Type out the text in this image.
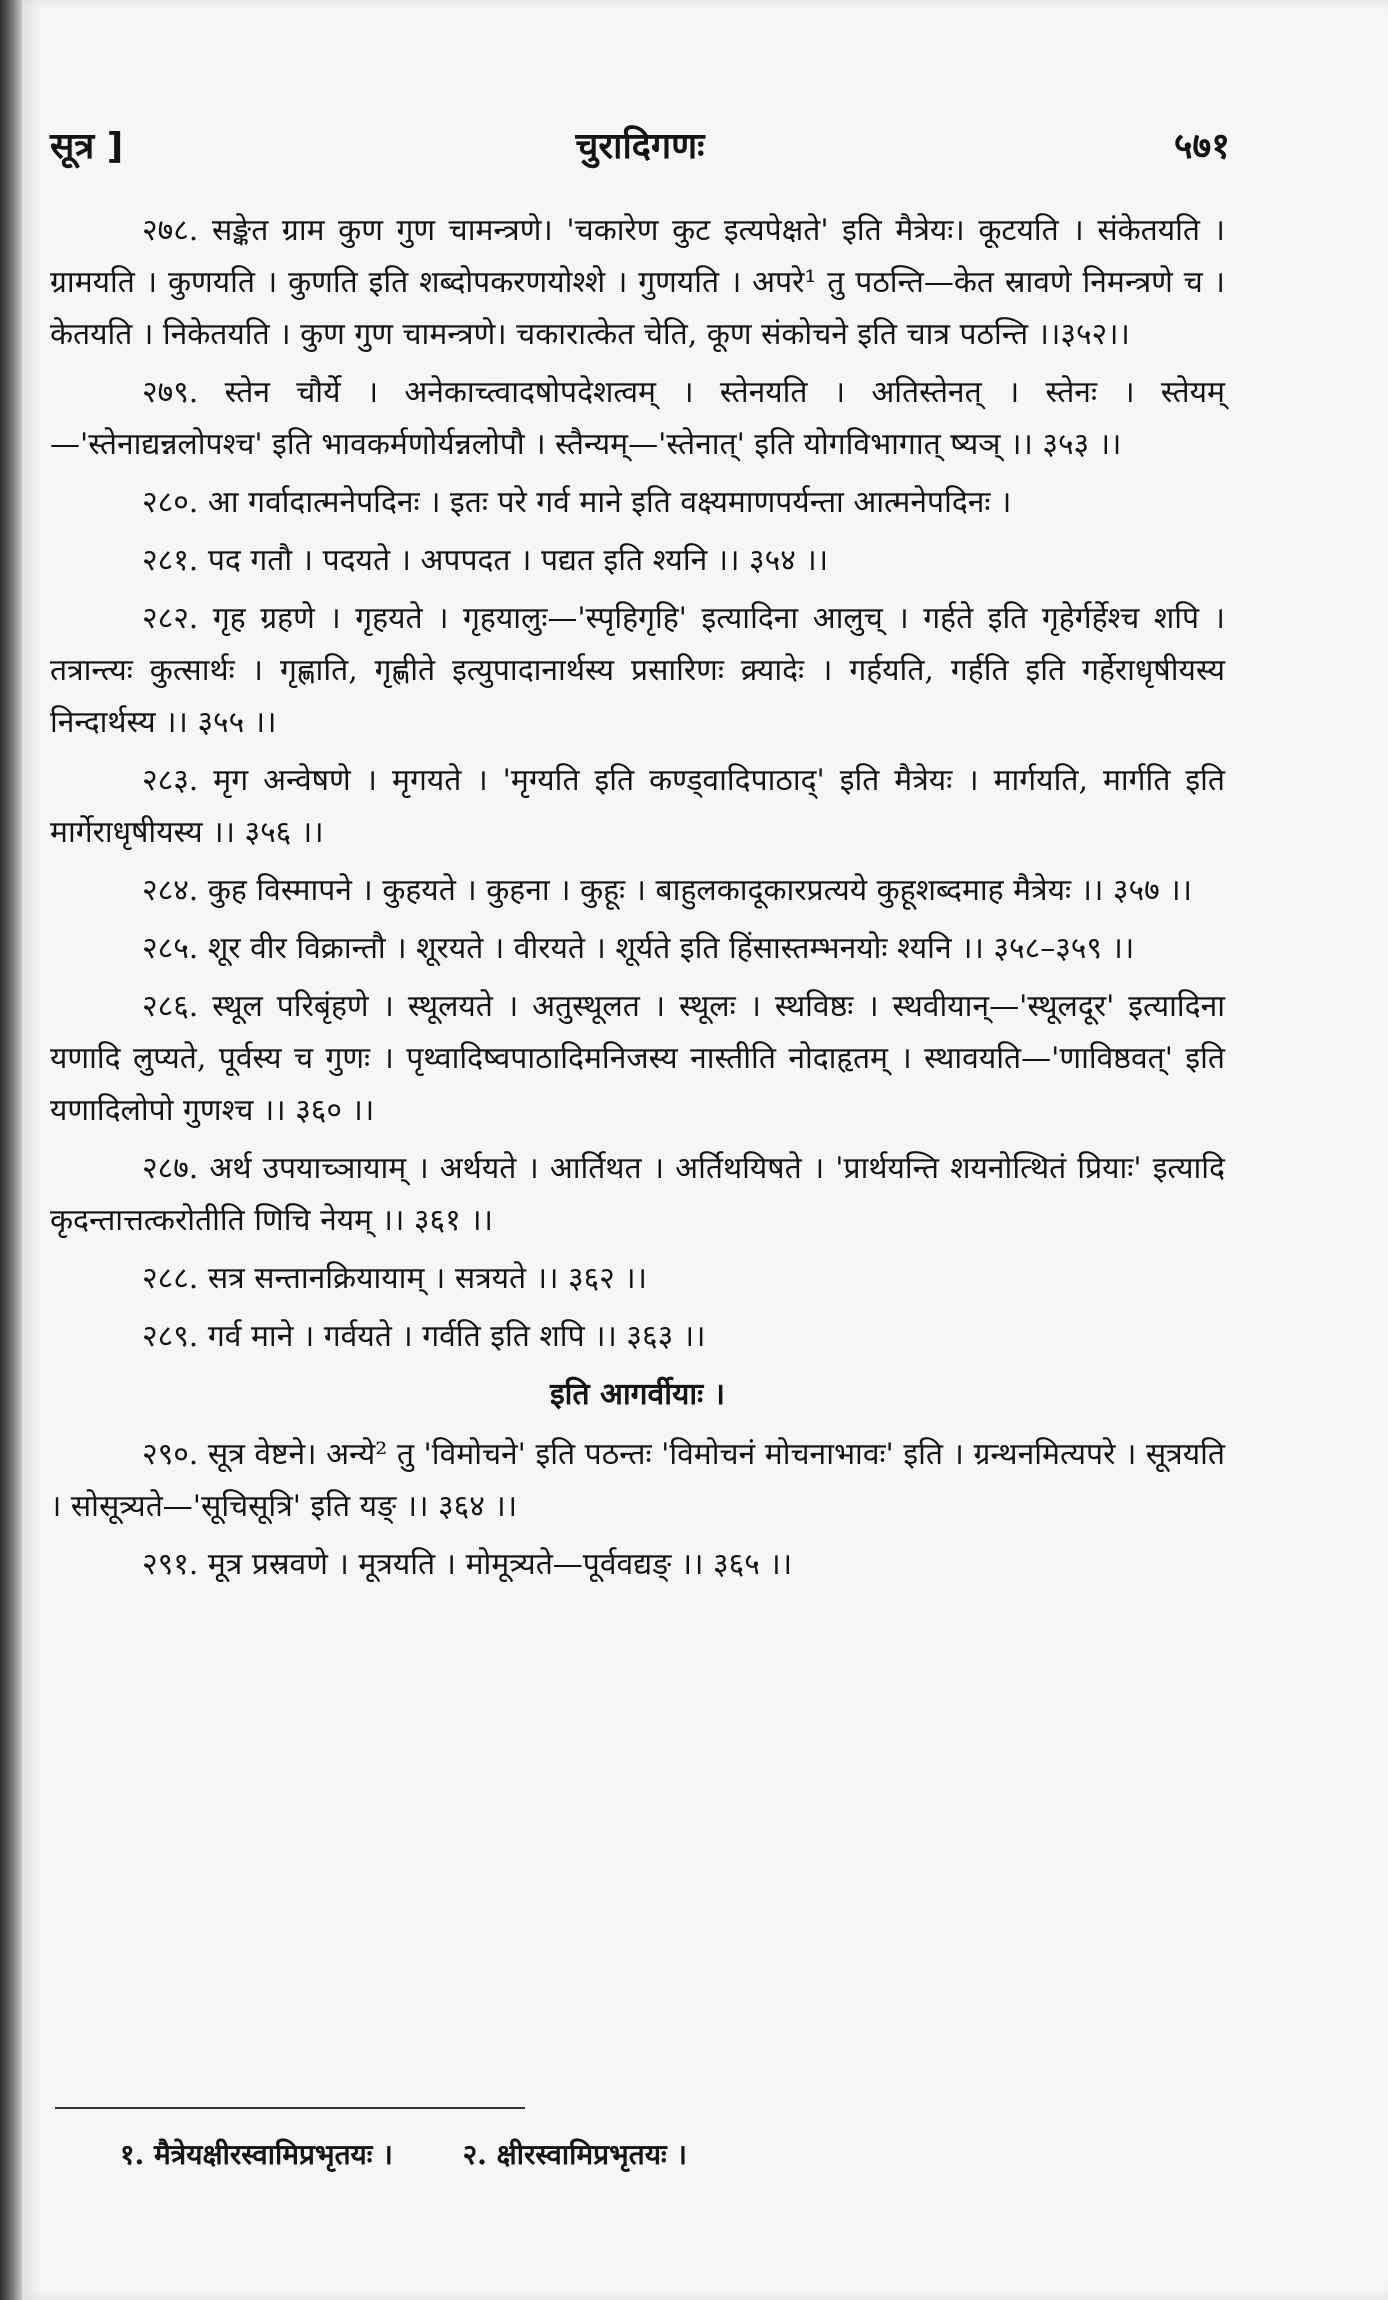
सूत्र ]	चुरादिगणः	५७१

२७८. सङ्केत ग्राम कुण गुण चामन्त्रणे। 'चकारेण कुट इत्यपेक्षते' इति मैत्रेयः। कूटयति । संकेतयति । ग्रामयति । कुणयति । कुणति इति शब्दोपकरणयोश्शे । गुणयति । अपरे¹ तु पठन्ति—केत स्रावणे निमन्त्रणे च । केतयति । निकेतयति । कुण गुण चामन्त्रणे। चकारात्केत चेति, कूण संकोचने इति चात्र पठन्ति ।।३५२।।

२७९. स्तेन चौर्ये । अनेकाच्त्वादषोपदेशत्वम् । स्तेनयति । अतिस्तेनत् । स्तेनः । स्तेयम्—'स्तेनाद्यन्नलोपश्च' इति भावकर्मणोर्यन्नलोपौ । स्तैन्यम्—'स्तेनात्' इति योगविभागात् ष्यञ् ।। ३५३ ।।

२८०. आ गर्वादात्मनेपदिनः । इतः परे गर्व माने इति वक्ष्यमाणपर्यन्ता आत्मनेपदिनः ।

२८१. पद गतौ । पदयते । अपपदत । पद्यत इति श्यनि ।। ३५४ ।।

२८२. गृह ग्रहणे । गृहयते । गृहयालुः—'स्पृहिगृहि' इत्यादिना आलुच् । गर्हते इति गृहेर्गर्हेश्च शपि । तत्रान्त्यः कुत्सार्थः । गृह्णाति, गृह्णीते इत्युपादानार्थस्य प्रसारिणः क्र्यादेः । गर्हयति, गर्हति इति गर्हेराधृषीयस्य निन्दार्थस्य ।। ३५५ ।।

२८३. मृग अन्वेषणे । मृगयते । 'मृग्यति इति कण्ड्वादिपाठाद्' इति मैत्रेयः । मार्गयति, मार्गति इति मार्गेराधृषीयस्य ।। ३५६ ।।

२८४. कुह विस्मापने । कुहयते । कुहना । कुहूः । बाहुलकादूकारप्रत्यये कुहूशब्दमाह मैत्रेयः ।। ३५७ ।।

२८५. शूर वीर विक्रान्तौ । शूरयते । वीरयते । शूर्यते इति हिंसास्तम्भनयोः श्यनि ।। ३५८–३५९ ।।

२८६. स्थूल परिबृंहणे । स्थूलयते । अतुस्थूलत । स्थूलः । स्थविष्ठः । स्थवीयान्—'स्थूलदूर' इत्यादिना यणादि लुप्यते, पूर्वस्य च गुणः । पृथ्वादिष्वपाठादिमनिजस्य नास्तीति नोदाहृतम् । स्थावयति—'णाविष्ठवत्' इति यणादिलोपो गुणश्च ।। ३६० ।।

२८७. अर्थ उपयाच्ञायाम् । अर्थयते । आर्तिथत । अर्तिथयिषते । 'प्रार्थयन्ति शयनोत्थितं प्रियाः' इत्यादि कृदन्तात्तत्करोतीति णिचि नेयम् ।। ३६१ ।।

२८८. सत्र सन्तानक्रियायाम् । सत्रयते ।। ३६२ ।।

२८९. गर्व माने । गर्वयते । गर्वति इति शपि ।। ३६३ ।।

इति आगर्वीयाः ।

२९०. सूत्र वेष्टने। अन्ये² तु 'विमोचने' इति पठन्तः 'विमोचनं मोचनाभावः' इति । ग्रन्थनमित्यपरे । सूत्रयति । सोसूत्र्यते—'सूचिसूत्रि' इति यङ् ।। ३६४ ।।

२९१. मूत्र प्रस्रवणे । मूत्रयति । मोमूत्र्यते—पूर्ववद्यङ् ।। ३६५ ।।

१. मैत्रेयक्षीरस्वामिप्रभृतयः । २. क्षीरस्वामिप्रभृतयः ।
